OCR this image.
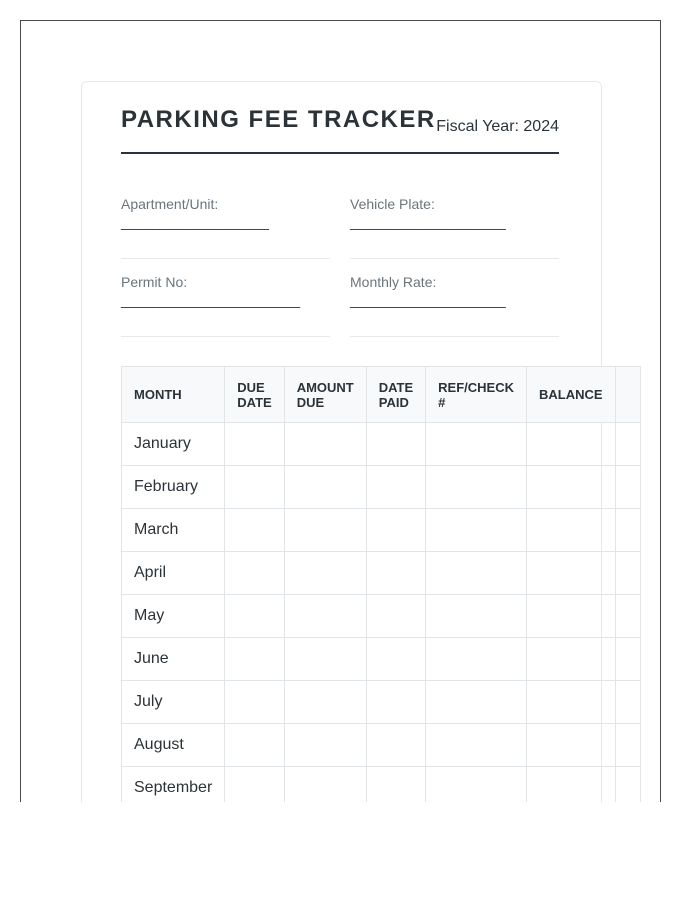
PARKING FEE TRACKER Fiscal Year: 2024
Apartment/Unit:
___________________
Vehicle Plate:
____________________
Permit No:
_______________________
Monthly Rate:
____________________
MONTH	DUE DATE	AMOUNT DUE	DATE PAID	REF/CHECK #	BALANCE	
January						
February						
March						
April						
May						
June						
July						
August						
September						
